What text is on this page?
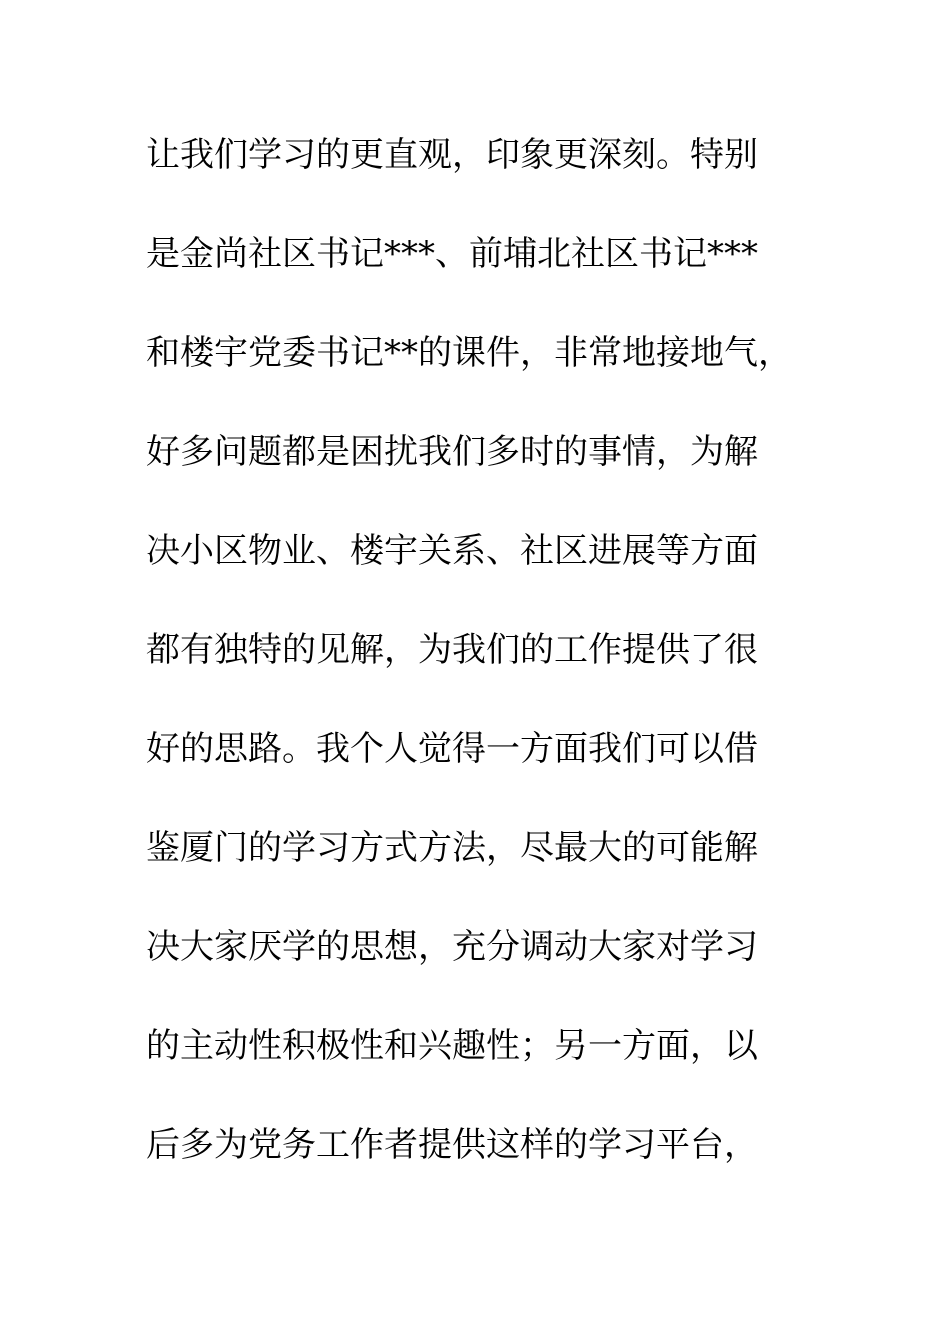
让我们学习的更直观，印象更深刻。特别
是金尚社区书记***、前埔北社区书记***
和楼宇党委书记**的课件，非常地接地气，
好多问题都是困扰我们多时的事情，为解
决小区物业、楼宇关系、社区进展等方面
都有独特的见解，为我们的工作提供了很
好的思路。我个人觉得一方面我们可以借
鉴厦门的学习方式方法，尽最大的可能解
决大家厌学的思想，充分调动大家对学习
的主动性积极性和兴趣性；另一方面，以
后多为党务工作者提供这样的学习平台，
